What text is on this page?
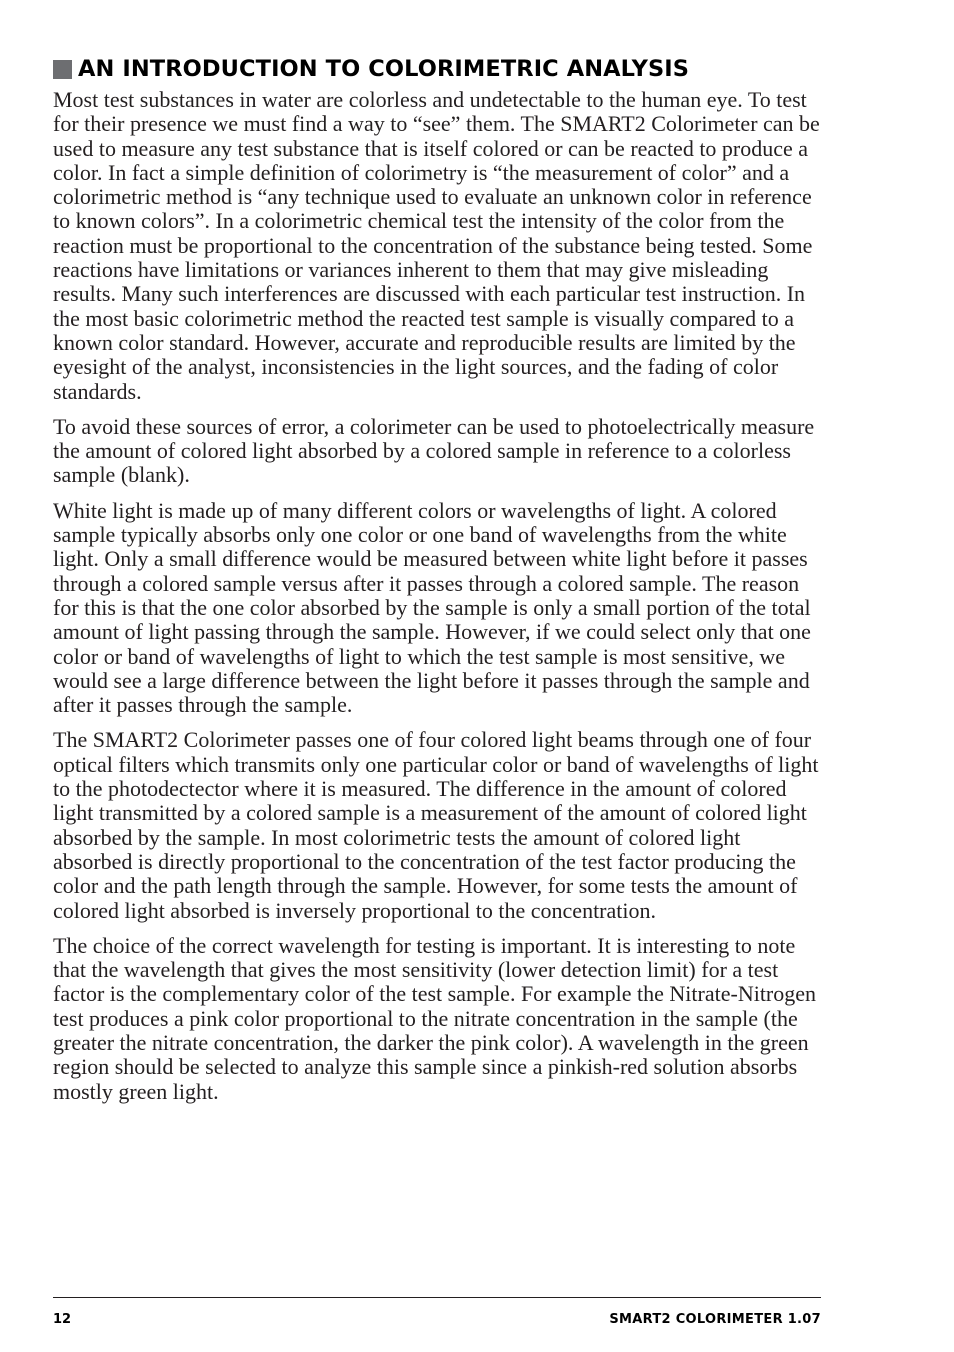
AN INTRODUCTION TO COLORIMETRIC ANALYSIS

Most test substances in water are colorless and undetectable to the human eye. To test for their presence we must find a way to “see” them. The SMART2 Colorimeter can be used to measure any test substance that is itself colored or can be reacted to produce a color. In fact a simple definition of colorimetry is “the measurement of color” and a colorimetric method is “any technique used to evaluate an unknown color in reference to known colors”. In a colorimetric chemical test the intensity of the color from the reaction must be proportional to the concentration of the substance being tested. Some reactions have limitations or variances inherent to them that may give misleading results. Many such interferences are discussed with each particular test instruction. In the most basic colorimetric method the reacted test sample is visually compared to a known color standard. However, accurate and reproducible results are limited by the eyesight of the analyst, inconsistencies in the light sources, and the fading of color standards.

To avoid these sources of error, a colorimeter can be used to photoelectrically measure the amount of colored light absorbed by a colored sample in reference to a colorless sample (blank).

White light is made up of many different colors or wavelengths of light. A colored sample typically absorbs only one color or one band of wavelengths from the white light. Only a small difference would be measured between white light before it passes through a colored sample versus after it passes through a colored sample. The reason for this is that the one color absorbed by the sample is only a small portion of the total amount of light passing through the sample. However, if we could select only that one color or band of wavelengths of light to which the test sample is most sensitive, we would see a large difference between the light before it passes through the sample and after it passes through the sample.

The SMART2 Colorimeter passes one of four colored light beams through one of four optical filters which transmits only one particular color or band of wavelengths of light to the photodectector where it is measured. The difference in the amount of colored light transmitted by a colored sample is a measurement of the amount of colored light absorbed by the sample. In most colorimetric tests the amount of colored light absorbed is directly proportional to the concentration of the test factor producing the color and the path length through the sample. However, for some tests the amount of colored light absorbed is inversely proportional to the concentration.

The choice of the correct wavelength for testing is important. It is interesting to note that the wavelength that gives the most sensitivity (lower detection limit) for a test factor is the complementary color of the test sample. For example the Nitrate-Nitrogen test produces a pink color proportional to the nitrate concentration in the sample (the greater the nitrate concentration, the darker the pink color). A wavelength in the green region should be selected to analyze this sample since a pinkish-red solution absorbs mostly green light.

12	SMART2 COLORIMETER 1.07
